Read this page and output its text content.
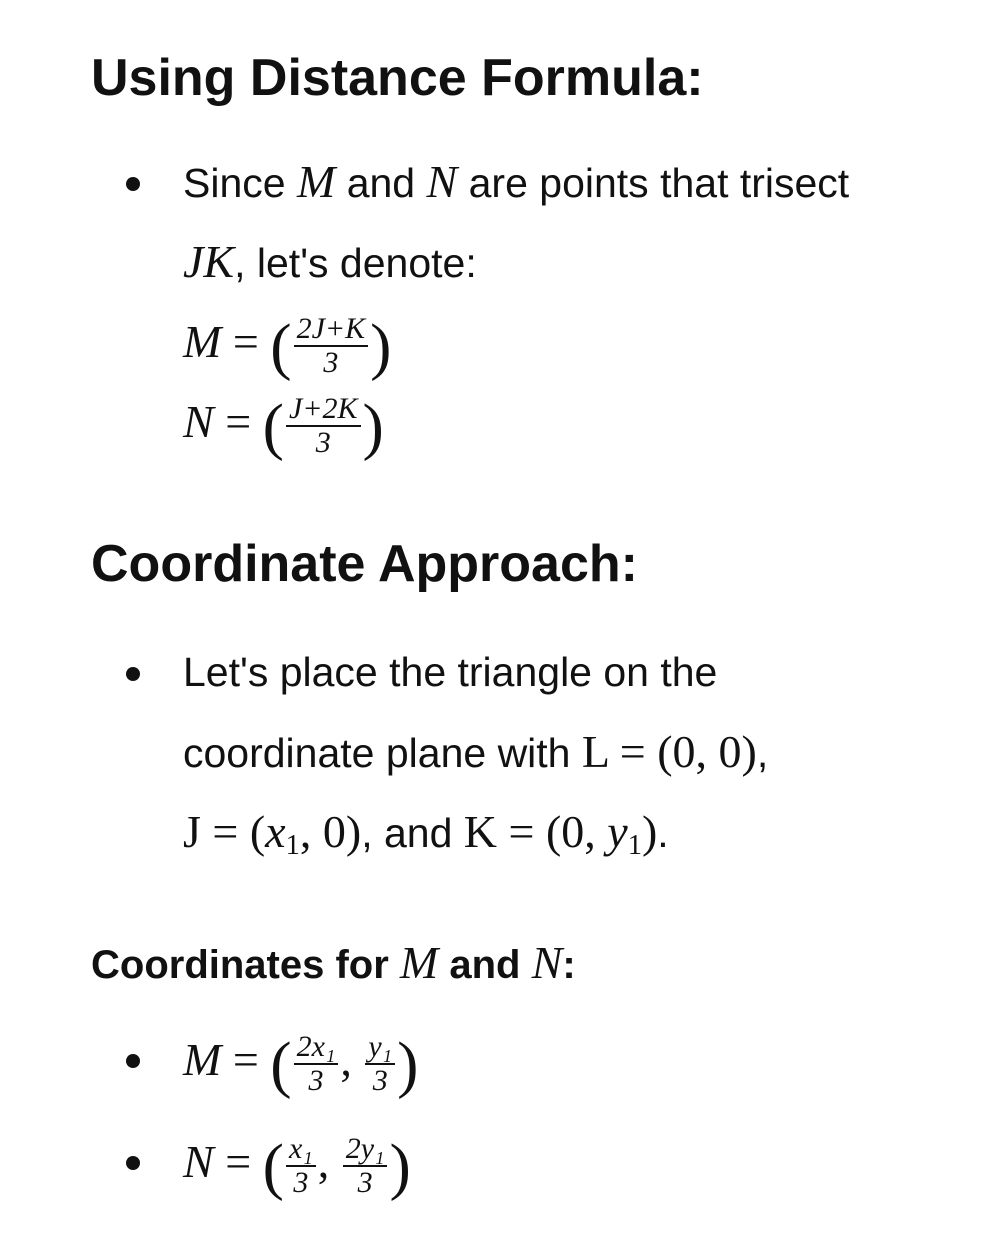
Using Distance Formula:
Since M and N are points that trisect
JK, let's denote:
M = ( $\frac{2J+K}{3}$ )
N = ( $\frac{J+2K}{3}$ )
Coordinate Approach:
Let's place the triangle on the
coordinate plane with L = (0, 0),
$J = (x_1$, 0), and K = (0, $y_1$).
Coordinates for M and N:
M = ( $\frac{\text{2x₁}}{3}$ , $\frac{\text{y₁}}{3}$ )
N = ( $\frac{\text{x₁}}{3}$ , $\frac{\text{2y₁}}{3}$ )
